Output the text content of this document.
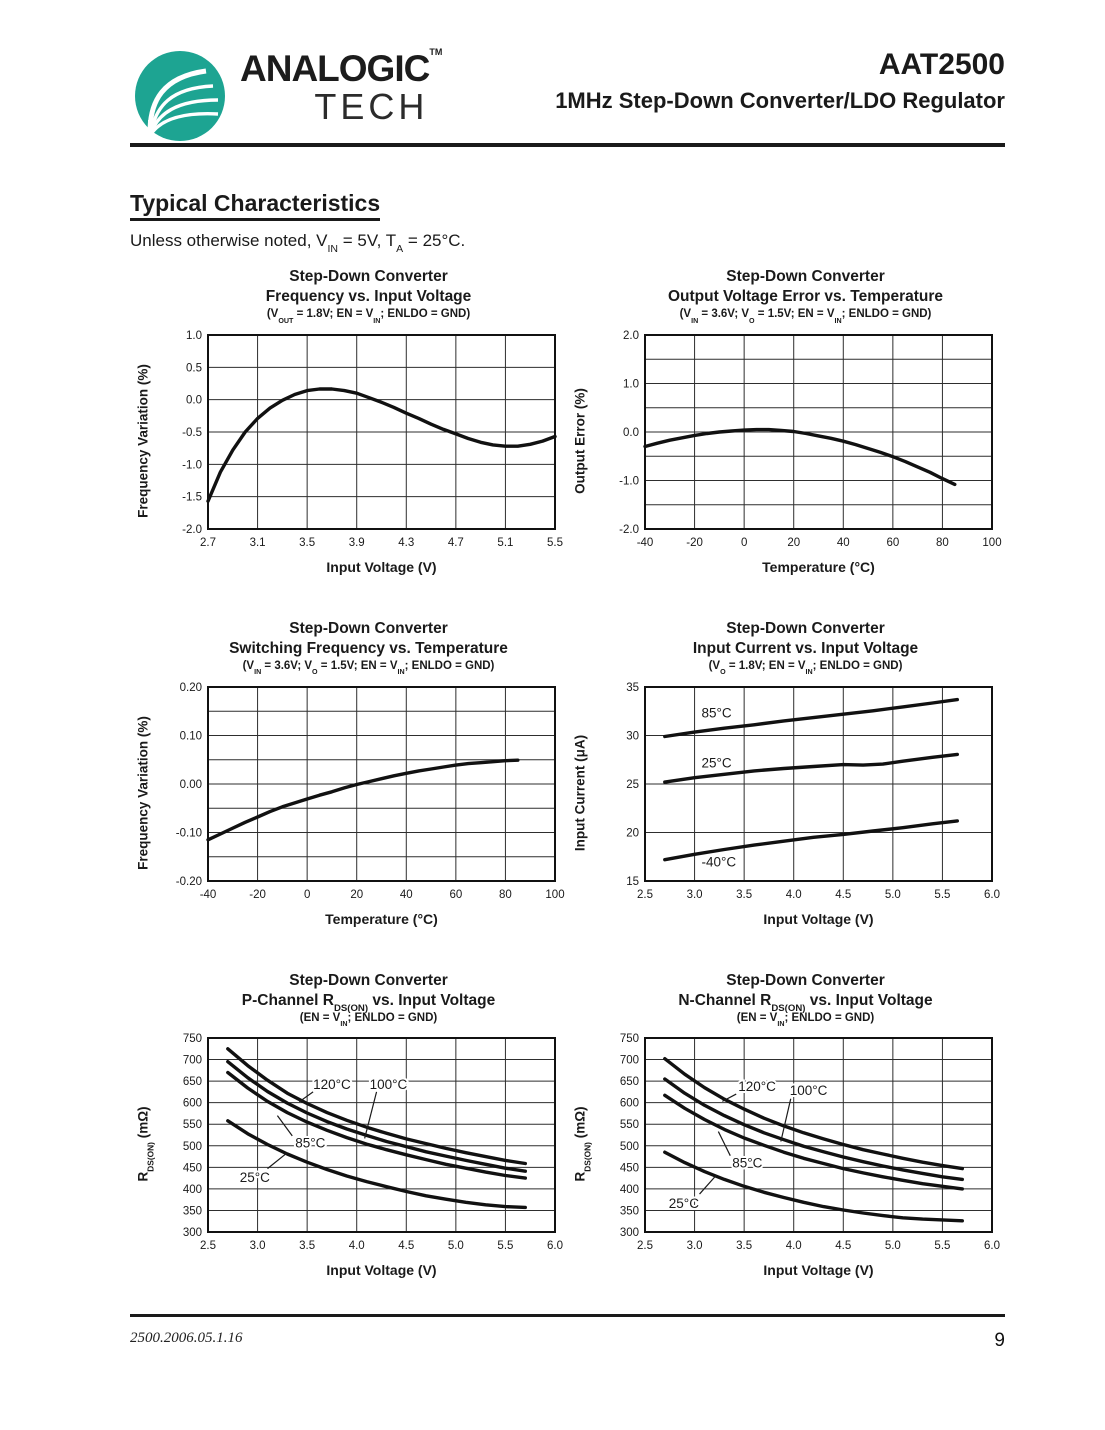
ANALOGIC™
TECH
AAT2500
1MHz Step-Down Converter/LDO Regulator
Typical Characteristics
Unless otherwise noted, $V_{IN} = 5V$, $T_A = 25^\circ C$.
Step-Down Converter
Frequency vs. Input Voltage
($V_{OUT} = 1.8V$; EN = $V_{IN}$; ENLDO = GND)
Frequency Variation (%)
2.7	3.1	3.5	3.9	4.3	4.7	5.1	5.5
1.0
0.5
0.0
-0.5
-1.0
-1.5
-2.0
Input Voltage (V)
Step-Down Converter
Output Voltage Error vs. Temperature
($V_{IN} = 3.6V$; $V_O = 1.5V$; EN = $V_{IN}$; ENLDO = GND)
Output Error (%)
-40	-20	0	20	40	60	80	100
2.0
1.0
0.0
-1.0
-2.0
Temperature (°C)
Step-Down Converter
Switching Frequency vs. Temperature
($V_{IN} = 3.6V$; $V_O = 1.5V$; EN = $V_{IN}$; ENLDO = GND)
Frequency Variation (%)
-40	-20	0	20	40	60	80	100
0.20
0.10
0.00
-0.10
-0.20
Temperature (°C)
Step-Down Converter
Input Current vs. Input Voltage
($V_O = 1.8V$; EN = $V_{IN}$; ENLDO = GND)
Input Current (μA)
2.5	3.0	3.5	4.0	4.5	5.0	5.5	6.0
35
30
25
20
15
85°C
25°C
-40°C
Input Voltage (V)
Step-Down Converter
P-Channel $R_{DS(ON)}$ vs. Input Voltage
($EN = V_{IN}$; ENLDO = GND)
$R_{DS(ON)}$ (mΩ)
2.5	3.0	3.5	4.0	4.5	5.0	5.5	6.0
750
700
650
600
550
500
450
400
350
300
120°C 100°C
85°C
25°C
Input Voltage (V)
Step-Down Converter
N-Channel $R_{DS(ON)}$ vs. Input Voltage
($EN = V_{IN}$; ENLDO = GND)
$R_{DS(ON)}$ (mΩ)
2.5	3.0	3.5	4.0	4.5	5.0	5.5	6.0
750
700
650
600
550
500
450
400
350
300
120°C 100°C
85°C
25°C
Input Voltage (V)
2500.2006.05.1.16	9
